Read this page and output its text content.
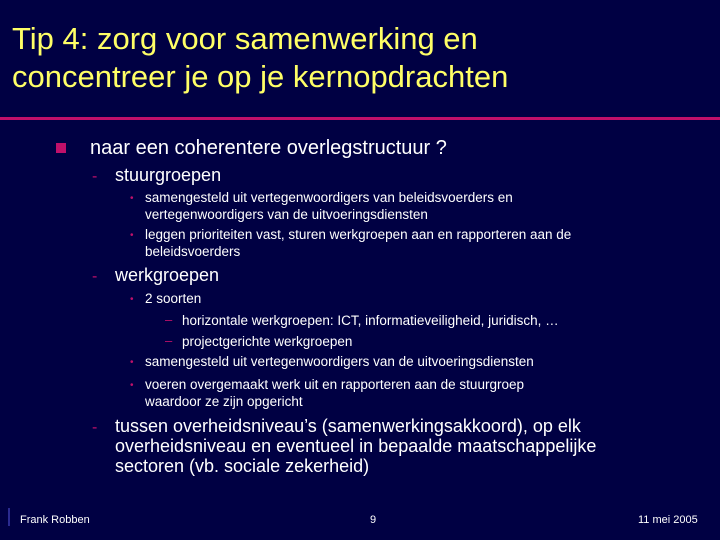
Tip 4: zorg voor samenwerking en
concentreer je op je kernopdrachten
naar een coherentere overlegstructuur ?
- stuurgroepen
• samengesteld uit vertegenwoordigers van beleidsvoerders en
vertegenwoordigers van de uitvoeringsdiensten
• leggen prioriteiten vast, sturen werkgroepen aan en rapporteren aan de
beleidsvoerders
- werkgroepen
• 2 soorten
– horizontale werkgroepen: ICT, informatieveiligheid, juridisch, …
– projectgerichte werkgroepen
• samengesteld uit vertegenwoordigers van de uitvoeringsdiensten
• voeren overgemaakt werk uit en rapporteren aan de stuurgroep
waardoor ze zijn opgericht
- tussen overheidsniveau’s (samenwerkingsakkoord), op elk
overheidsniveau en eventueel in bepaalde maatschappelijke
sectoren (vb. sociale zekerheid)
Frank Robben	9	11 mei 2005
